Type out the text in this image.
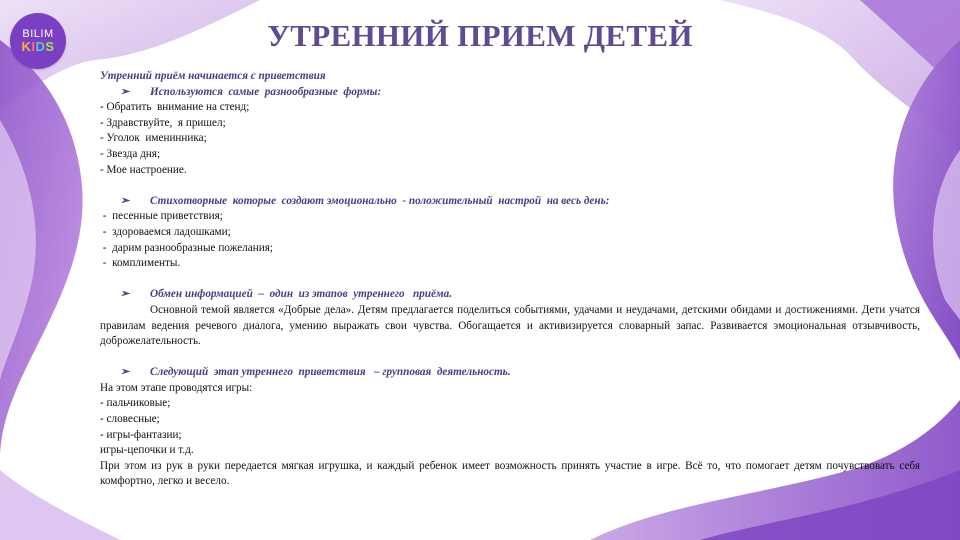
BILIM
KIDS	УТРЕННИЙ ПРИЕМ ДЕТЕЙ
Утренний приём начинается с приветствия
➢ Используются  самые  разнообразные  формы:
- Обратить  внимание на стенд;
- Здравствуйте,  я пришел;
- Уголок  именинника;
- Звезда дня;
- Мое настроение.
➢ Стихотворные  которые  создают эмоционально  - положительный  настрой  на весь день:
-  песенные приветствия;
-  здороваемся ладошками;
-  дарим разнообразные пожелания;
-  комплименты.
➢ Обмен информацией  –  один  из этапов  утреннего   приёма.
Основной темой является «Добрые дела». Детям предлагается поделиться событиями, удачами и неудачами, детскими обидами и достижениями. Дети учатся правилам ведения речевого диалога, умению выражать свои чувства. Обогащается и активизируется словарный запас. Развивается эмоциональная отзывчивость, доброжелательность.
➢ Следующий  этап утреннего  приветствия   – групповая  деятельность.
На этом этапе проводятся игры:
- пальчиковые;
- словесные;
- игры-фантазии;
игры-цепочки и т.д.
При этом из рук в руки передается мягкая игрушка, и каждый ребенок имеет возможность принять участие в игре. Всё то, что помогает детям почувствовать себя комфортно, легко и весело.
